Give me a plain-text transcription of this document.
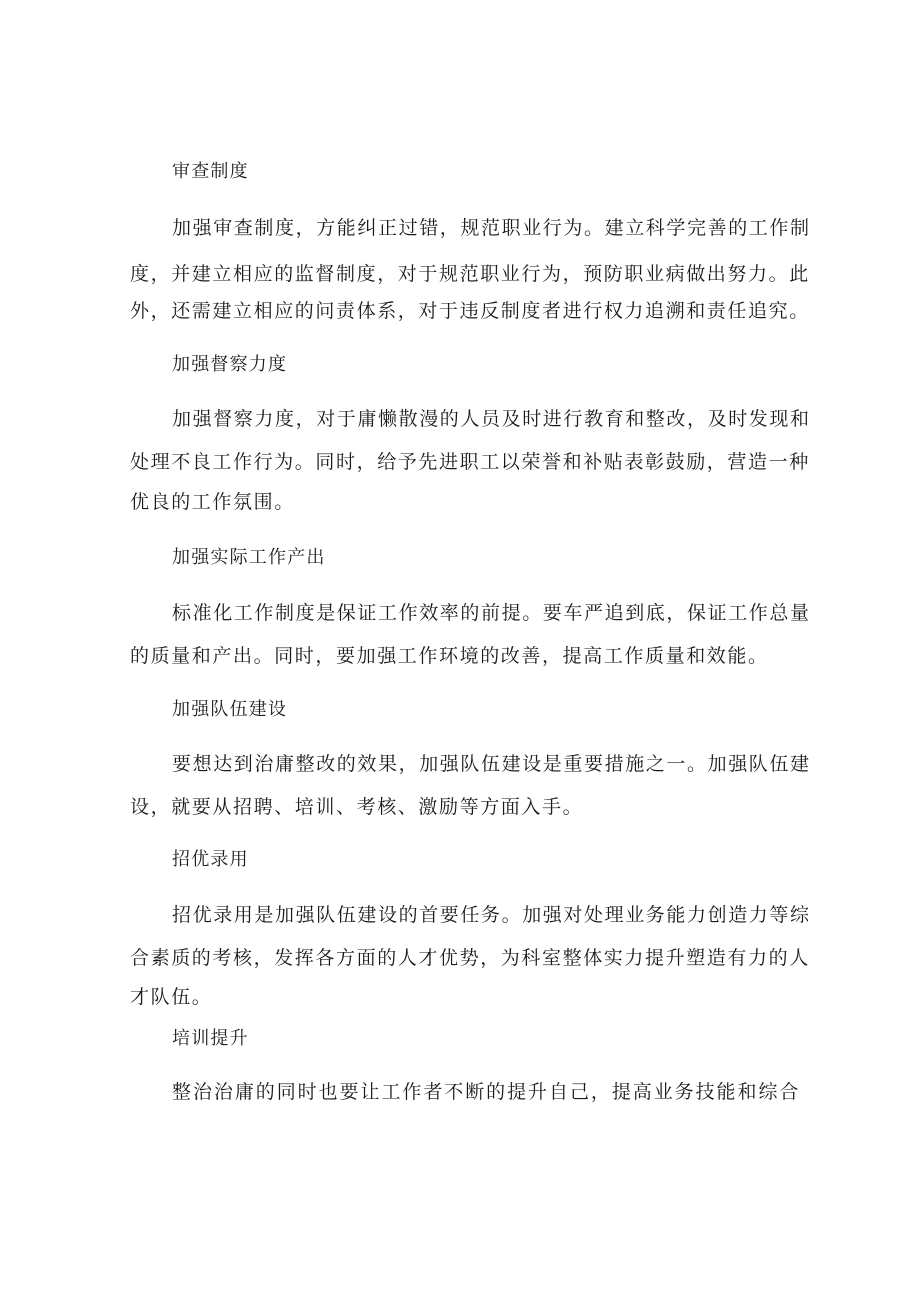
审查制度
加强审查制度，方能纠正过错，规范职业行为。建立科学完善的工作制
度，并建立相应的监督制度，对于规范职业行为，预防职业病做出努力。此
外，还需建立相应的问责体系，对于违反制度者进行权力追溯和责任追究。
加强督察力度
加强督察力度，对于庸懒散漫的人员及时进行教育和整改，及时发现和
处理不良工作行为。同时，给予先进职工以荣誉和补贴表彰鼓励，营造一种
优良的工作氛围。
加强实际工作产出
标准化工作制度是保证工作效率的前提。要车严追到底，保证工作总量
的质量和产出。同时，要加强工作环境的改善，提高工作质量和效能。
加强队伍建设
要想达到治庸整改的效果，加强队伍建设是重要措施之一。加强队伍建
设，就要从招聘、培训、考核、激励等方面入手。
招优录用
招优录用是加强队伍建设的首要任务。加强对处理业务能力创造力等综
合素质的考核，发挥各方面的人才优势，为科室整体实力提升塑造有力的人
才队伍。
培训提升
整治治庸的同时也要让工作者不断的提升自己，提高业务技能和综合
